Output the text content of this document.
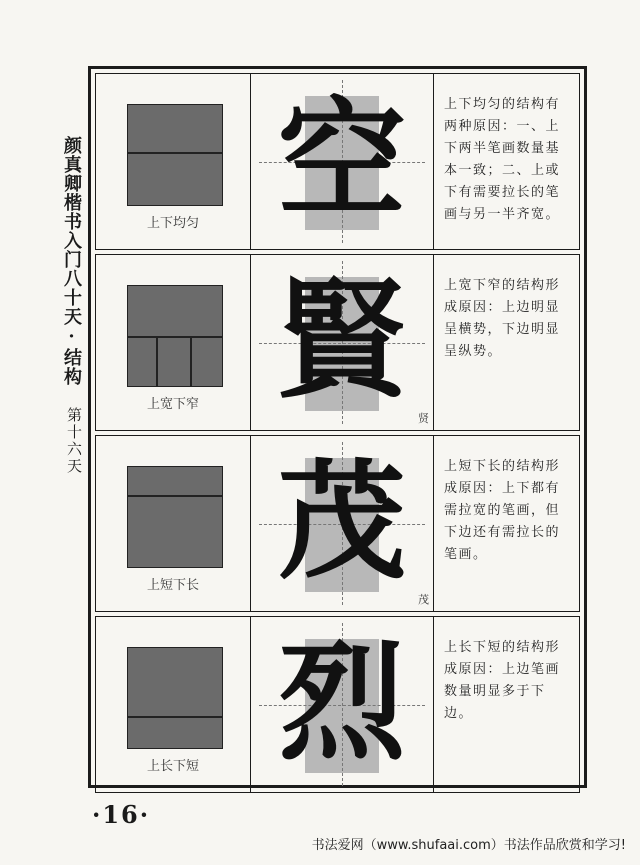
颜真卿楷书入门八十天·结构
第十六天
上下均匀 空	上下均匀的结构有两种原因：一、上下两半笔画数量基本一致；二、上或下有需要拉长的笔画与另一半齐宽。
上宽下窄 賢
贤
上宽下窄的结构形成原因：上边明显呈横势，下边明显呈纵势。
上短下长 茂
茂
上短下长的结构形成原因：上下都有需拉宽的笔画，但下边还有需拉长的笔画。
上长下短 烈	上长下短的结构形成原因：上边笔画数量明显多于下边。
·16·
书法爱网（www.shufaai.com）书法作品欣赏和学习!
